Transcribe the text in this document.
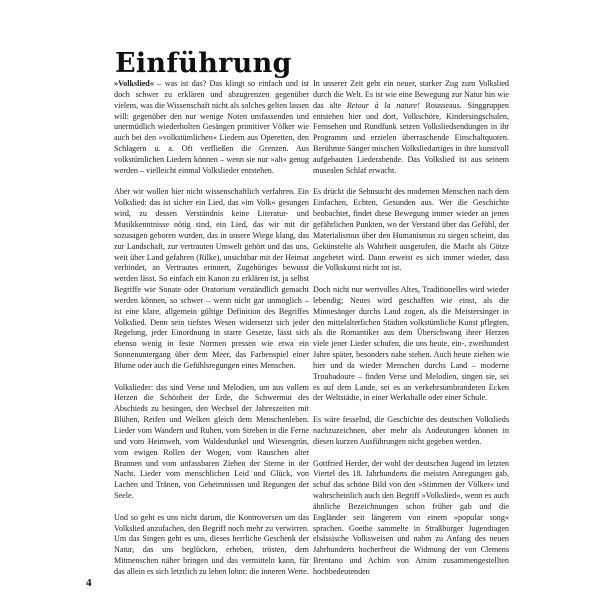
Einführung

»Volkslied« – was ist das? Das klingt so einfach und ist doch schwer zu erklären und abzugrenzen gegenüber vielem, was die Wissenschaft nicht als solches gelten lassen will: gegenüber den nur wenige Noten umfassenden und unermüdlich wiederholten Gesängen primitiver Völker wie auch bei den »volkstümlichen« Liedern aus Operetten, den Schlagern u. a. Oft verfließen die Grenzen. Aus volkstümlichen Liedern können – wenn sie nur »alt« genug werden – vielleicht einmal Volkslieder entstehen.

Aber wir wollen hier nicht wissenschaftlich verfahren. Ein Volkslied: das ist sicher ein Lied, das »im Volk« gesungen wird, zu dessen Verständnis keine Literatur- und Musikkenntnisse nötig sind, ein Lied, das wir mit dir sozusagen geboren wurden, das in unsere Wiege klang, das zur Landschaft, zur vertrauten Umwelt gehört und das uns, weit über Land gefahren (Rilke), unsichtbar mit der Heimat verbindet, an Vertrautes erinnert, Zugehöriges bewusst werden lässt. So einfach ein Kanon zu erklären ist, ja selbst Begriffe wie Sonate oder Oratorium verständlich gemacht werden können, so schwer – wenn nicht gar unmöglich – ist eine klare, allgemein gültige Definition des Begriffes Volkslied. Denn sein tiefstes Wesen widersetzt sich jeder Regelung, jeder Einordnung in starre Gesetze, lässt sich ebenso wenig in feste Normen pressen wie etwa ein Sonnenuntergang über dem Meer, das Farbenspiel einer Blume oder auch die Gefühlsregungen eines Menschen.

Volkslieder: das sind Verse und Melodien, um aus vollem Herzen die Schönheit der Erde, die Schwermut des Abschieds zu besingen, den Wechsel der Jahreszeiten mit Blühen, Reifen und Welken gleich dem Menschenleben. Lieder vom Wandern und Ruhen, vom Streben in die Ferne und vom Heimweh, vom Waldesdunkel und Wiesengrün, vom ewigen Rollen der Wogen, vom Rauschen alter Brunnen und vom unfassbaren Ziehen der Sterne in der Nacht. Lieder vom menschlichen Leid und Glück, von Lachen und Tränen, von Geheimnissen und Regungen der Seele.

Und so geht es uns nicht darum, die Kontroversen um das Volkslied anzufachen, den Begriff noch mehr zu verwirren. Um das Singen geht es uns, dieses herrliche Geschenk der Natur, das uns beglücken, erheben, trösten, dem Mitmenschen näher bringen und das vermitteln kann, für das allein es sich letztlich zu leben lohnt: die inneren Werte.

In unserer Zeit geht ein neuer, starker Zug zum Volkslied durch die Welt. Es ist wie eine Bewegung zur Natur hin wie das alte Retour à la nature! Rousseaus. Singgruppen entstehen hier und dort, Volkschöre, Kindersingschulen, Fernsehen und Rundfunk setzen Volksliedsendungen in ihr Programm und erzielen überraschende Einschaltquoten. Berühmte Sänger mischen Volksliedartiges in ihre kunstvoll aufgebauten Liederabende. Das Volkslied ist aus seinem musealen Schlaf erwacht.

Es drückt die Sehnsucht des modernen Menschen nach dem Einfachen, Echten, Gesunden aus. Wer die Geschichte beobachtet, findet diese Bewegung immer wieder an jenen gefährlichen Punkten, wo der Verstand über das Gefühl, der Materialismus über den Humanismus zu siegen scheint, das Gekünstelte als Wahrheit ausgerufen, die Macht als Götze angebetet wird. Dann erweist es sich immer wieder, dass die Volkskunst nicht tot ist.

Doch nicht nur wertvolles Altes, Traditionelles wird wieder lebendig; Neues wird geschaffen wie einst, als die Minnesänger durchs Land zogen, als die Meistersinger in den mittelalterlichen Städten volkstümliche Kunst pflegten, als die Romantiker aus dem Überschwang ihrer Herzen viele jener Lieder schufen, die uns heute, ein-, zweihundert Jahre später, besonders nahe stehen. Auch heute ziehen wie hier und da wieder Menschen durchs Land – moderne Troubadoure – finden Verse und Melodien, singen sie, sei es auf dem Lande, sei es an verkehrsumbrandeten Ecken der Weltstädte, in einer Werkshalle oder einer Schule.

Es wäre fesselnd, die Geschichte des deutschen Volkslieds nachzuzeichnen, aber mehr als Andeutungen können in diesen kurzen Ausführungen nicht gegeben werden.

Gottfried Herder, der wohl der deutschen Jugend im letzten Viertel des 18. Jahrhunderts die meisten Anregungen gab, schuf das schöne Bild von den »Stimmen der Völker« und wahrscheinlich auch den Begriff »Volkslied«, wenn es auch ähnliche Bezeichnungen schon früher gab und die Engländer seit längerem von einem »popular song« sprachen. Goethe sammelte in Straßburger Jugendtagen elsässische Volksweisen und nahm zu Anfang des neuen Jahrhunderts hocherfreut die Widmung der von Clemens Brentano und Achim von Arnim zusammengestellten hochbedeutenden

4
